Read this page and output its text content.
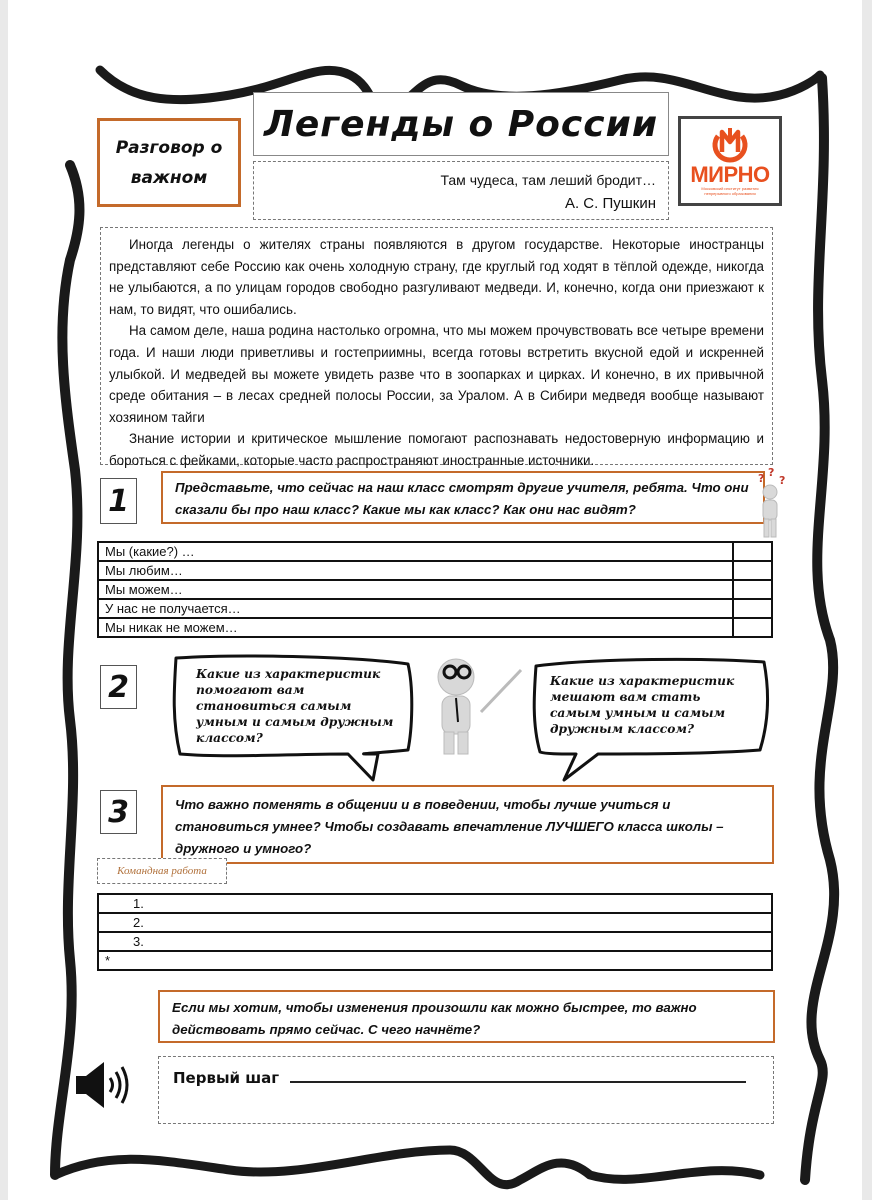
Разговор о
важном
Легенды о России
Там чудеса, там леший бродит…
А. С. Пушкин
МИРНО
Московский институт развития непрерывного образования

Иногда легенды о жителях страны появляются в другом государстве. Некоторые иностранцы представляют себе Россию как очень холодную страну, где круглый год ходят в тёплой одежде, никогда не улыбаются, а по улицам городов свободно разгуливают медведи. И, конечно, когда они приезжают к нам, то видят, что ошибались.

На самом деле, наша родина настолько огромна, что мы можем прочувствовать все четыре времени года. И наши люди приветливы и гостеприимны, всегда готовы встретить вкусной едой и искренней улыбкой. И медведей вы можете увидеть разве что в зоопарках и цирках. И конечно, в их привычной среде обитания – в лесах средней полосы России, за Уралом. А в Сибири медведя вообще называют хозяином тайги

Знание истории и критическое мышление помогают распознавать недостоверную информацию и бороться с фейками, которые часто распространяют иностранные источники.

1	Представьте, что сейчас на наш класс смотрят другие учителя, ребята. Что они сказали бы про наш класс? Какие мы как класс? Как они нас видят?
? ?
?
Мы (какие?) …	
Мы любим…	
Мы можем…	
У нас не получается…	
Мы никак не можем…	
2	Какие из характеристик помогают вам становиться самым умным и самым дружным классом?
Какие из характеристик мешают вам стать самым умным и самым дружным классом?
3	Что важно поменять в общении и в поведении, чтобы лучше учиться и становиться умнее? Чтобы создавать впечатление ЛУЧШЕГО класса школы – дружного и умного?
Командная работа
1.
2.
3.
*
Если мы хотим, чтобы изменения произошли как можно быстрее, то важно действовать прямо сейчас. С чего начнёте?
Первый шаг
